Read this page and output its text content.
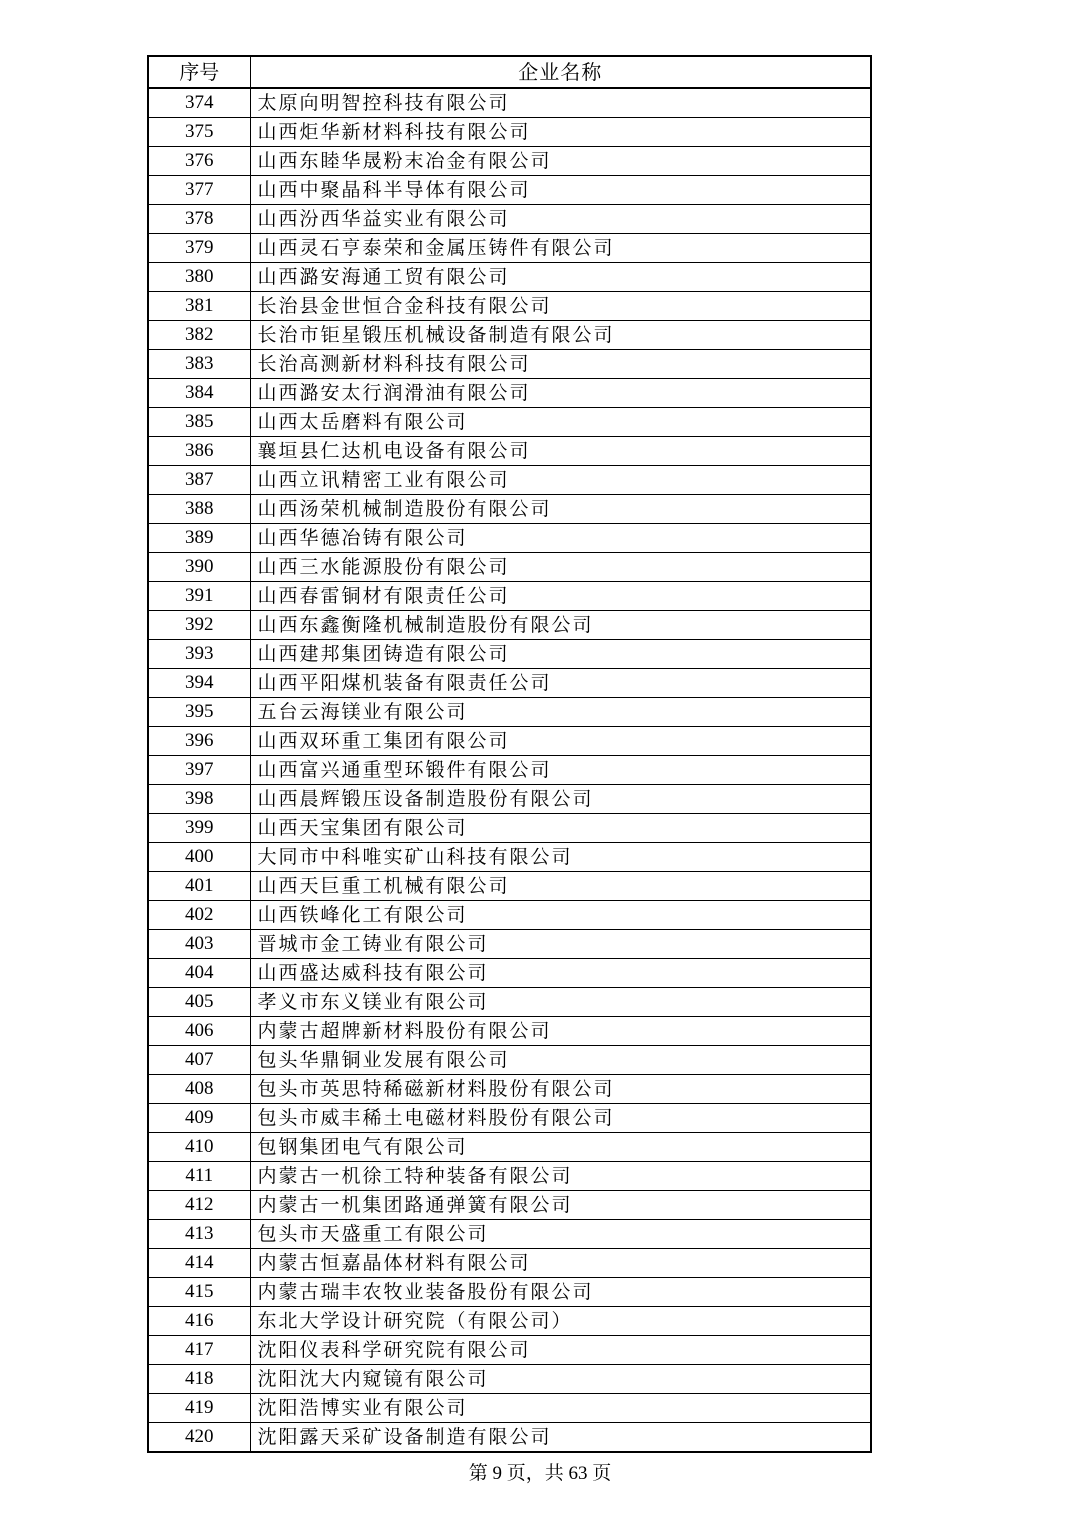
序号	企业名称
374	太原向明智控科技有限公司
375	山西炬华新材料科技有限公司
376	山西东睦华晟粉末冶金有限公司
377	山西中聚晶科半导体有限公司
378	山西汾西华益实业有限公司
379	山西灵石亨泰荣和金属压铸件有限公司
380	山西潞安海通工贸有限公司
381	长治县金世恒合金科技有限公司
382	长治市钜星锻压机械设备制造有限公司
383	长治高测新材料科技有限公司
384	山西潞安太行润滑油有限公司
385	山西太岳磨料有限公司
386	襄垣县仁达机电设备有限公司
387	山西立讯精密工业有限公司
388	山西汤荣机械制造股份有限公司
389	山西华德冶铸有限公司
390	山西三水能源股份有限公司
391	山西春雷铜材有限责任公司
392	山西东鑫衡隆机械制造股份有限公司
393	山西建邦集团铸造有限公司
394	山西平阳煤机装备有限责任公司
395	五台云海镁业有限公司
396	山西双环重工集团有限公司
397	山西富兴通重型环锻件有限公司
398	山西晨辉锻压设备制造股份有限公司
399	山西天宝集团有限公司
400	大同市中科唯实矿山科技有限公司
401	山西天巨重工机械有限公司
402	山西铁峰化工有限公司
403	晋城市金工铸业有限公司
404	山西盛达威科技有限公司
405	孝义市东义镁业有限公司
406	内蒙古超牌新材料股份有限公司
407	包头华鼎铜业发展有限公司
408	包头市英思特稀磁新材料股份有限公司
409	包头市威丰稀土电磁材料股份有限公司
410	包钢集团电气有限公司
411	内蒙古一机徐工特种装备有限公司
412	内蒙古一机集团路通弹簧有限公司
413	包头市天盛重工有限公司
414	内蒙古恒嘉晶体材料有限公司
415	内蒙古瑞丰农牧业装备股份有限公司
416	东北大学设计研究院（有限公司）
417	沈阳仪表科学研究院有限公司
418	沈阳沈大内窥镜有限公司
419	沈阳浩博实业有限公司
420	沈阳露天采矿设备制造有限公司
第 9 页，共 63 页
